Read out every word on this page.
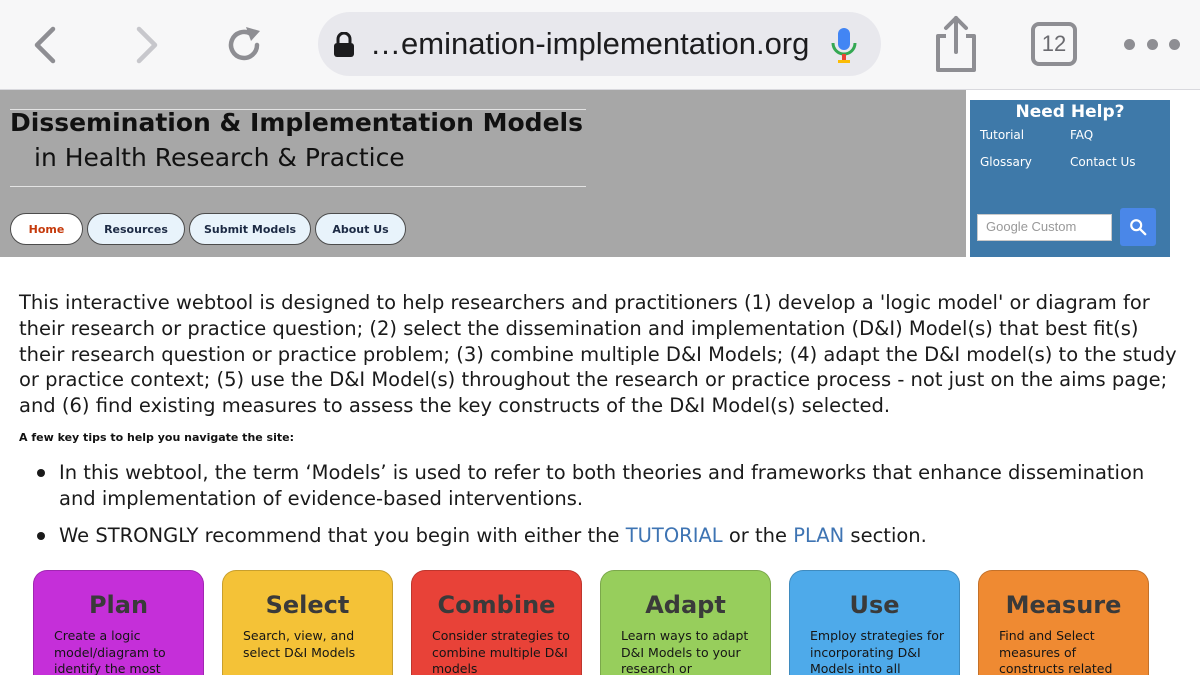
…emination-implementation.org	12
Dissemination & Implementation Models
in Health Research & Practice
Home	Resources	Submit Models	About Us
Need Help?
Tutorial	FAQ
Glossary	Contact Us
Google Custom

This interactive webtool is designed to help researchers and practitioners (1) develop a 'logic model' or diagram for their research or practice question; (2) select the dissemination and implementation (D&I) Model(s) that best fit(s) their research question or practice problem; (3) combine multiple D&I Models; (4) adapt the D&I model(s) to the study or practice context; (5) use the D&I Model(s) throughout the research or practice process - not just on the aims page; and (6) find existing measures to assess the key constructs of the D&I Model(s) selected.

A few key tips to help you navigate the site:
In this webtool, the term ‘Models’ is used to refer to both theories and frameworks that enhance dissemination and implementation of evidence-based interventions.
We STRONGLY recommend that you begin with either the TUTORIAL or the PLAN section.
Plan
Create a logic model/diagram to identify the most
Select
Search, view, and select D&I Models
Combine
Consider strategies to combine multiple D&I models
Adapt
Learn ways to adapt D&I Models to your research or
Use
Employ strategies for incorporating D&I Models into all
Measure
Find and Select measures of constructs related
